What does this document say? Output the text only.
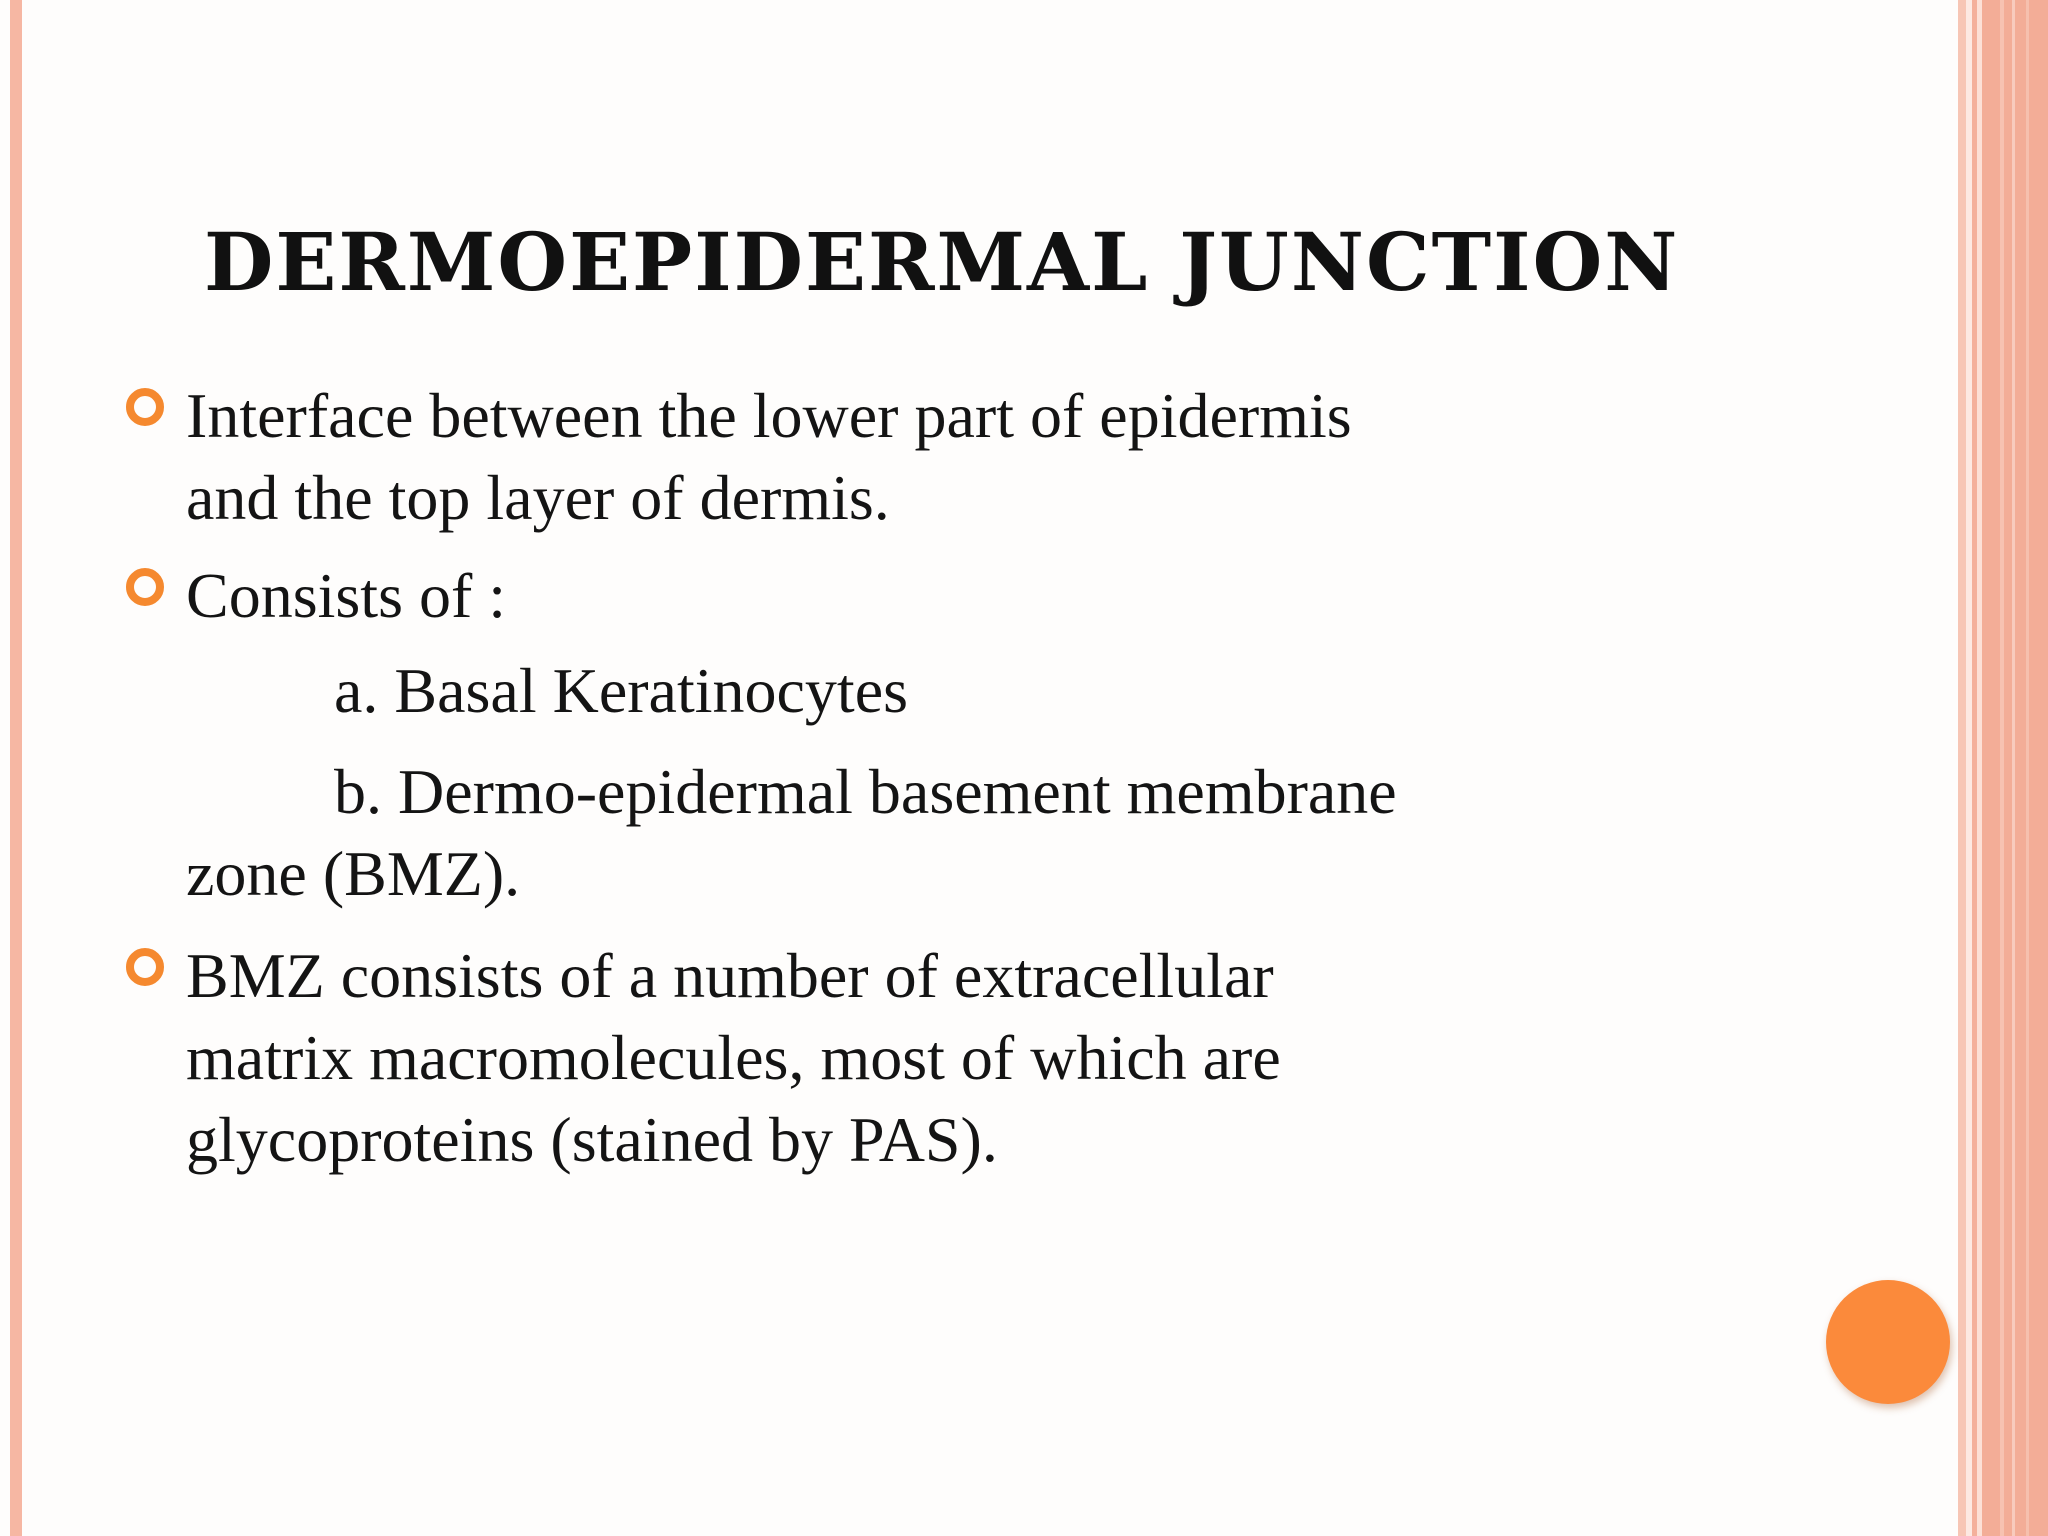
DERMOEPIDERMAL JUNCTION
Interface between the lower part of epidermis
and the top layer of dermis.
Consists of :
a. Basal Keratinocytes
b. Dermo-epidermal basement membrane
zone (BMZ).
BMZ consists of a number of extracellular
matrix macromolecules, most of which are
glycoproteins (stained by PAS).
